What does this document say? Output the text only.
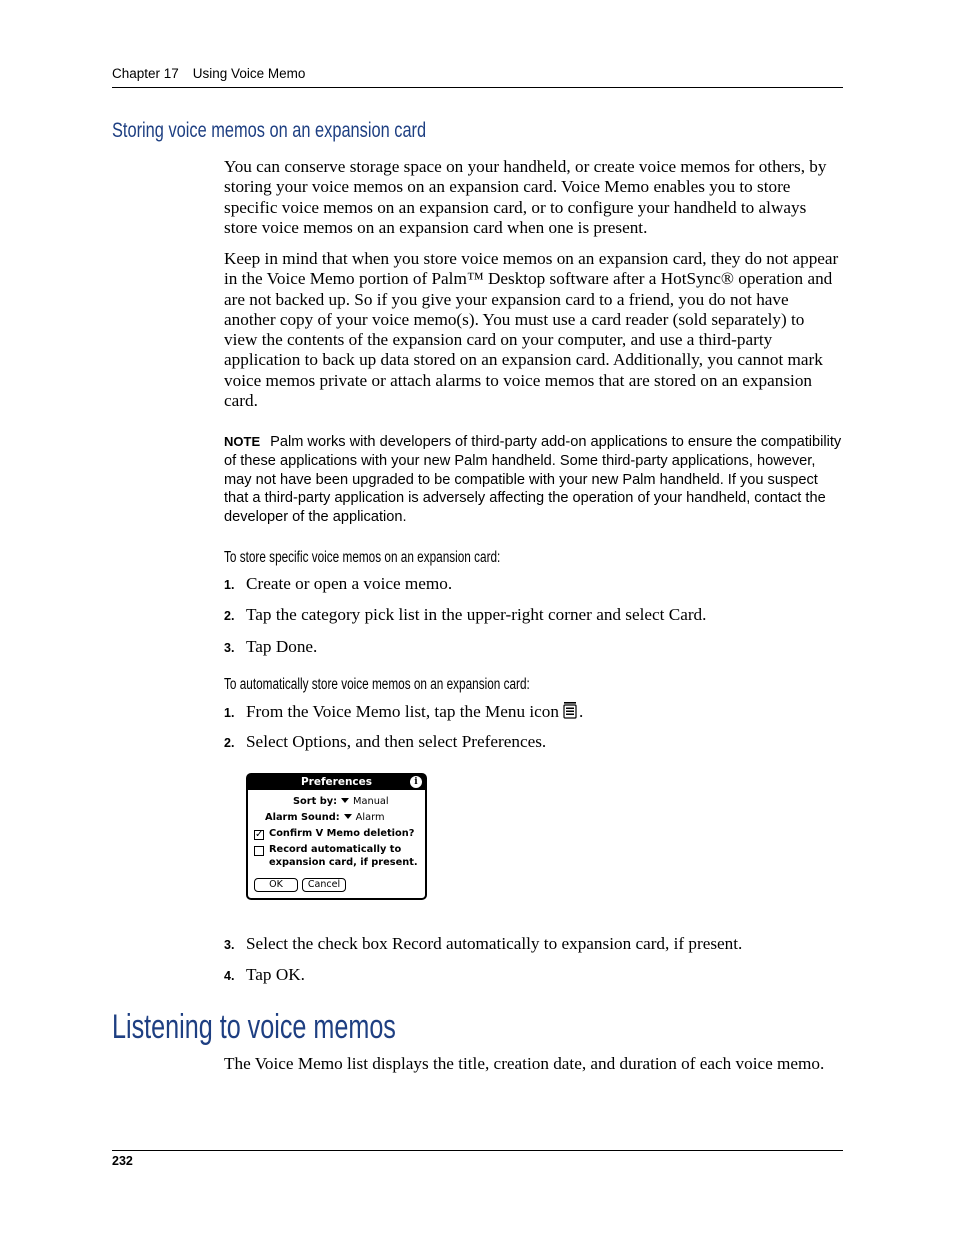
Chapter 17 Using Voice Memo
Storing voice memos on an expansion card
You can conserve storage space on your handheld, or create voice memos for others, by storing your voice memos on an expansion card. Voice Memo enables you to store specific voice memos on an expansion card, or to configure your handheld to always store voice memos on an expansion card when one is present.
Keep in mind that when you store voice memos on an expansion card, they do not appear in the Voice Memo portion of Palm™ Desktop software after a HotSync® operation and are not backed up. So if you give your expansion card to a friend, you do not have another copy of your voice memo(s). You must use a card reader (sold separately) to view the contents of the expansion card on your computer, and use a third-party application to back up data stored on an expansion card. Additionally, you cannot mark voice memos private or attach alarms to voice memos that are stored on an expansion card.
NOTE Palm works with developers of third-party add-on applications to ensure the compatibility of these applications with your new Palm handheld. Some third-party applications, however, may not have been upgraded to be compatible with your new Palm handheld. If you suspect that a third-party application is adversely affecting the operation of your handheld, contact the developer of the application.
To store specific voice memos on an expansion card:
1. Create or open a voice memo.
2. Tap the category pick list in the upper-right corner and select Card.
3. Tap Done.
To automatically store voice memos on an expansion card:
1. From the Voice Memo list, tap the Menu icon .
2. Select Options, and then select Preferences.
Preferences	i
Sort by: Manual
Alarm Sound: Alarm
✓ Confirm V Memo deletion?
Record automatically to
expansion card, if present.
OK	Cancel
3. Select the check box Record automatically to expansion card, if present.
4. Tap OK.
Listening to voice memos
The Voice Memo list displays the title, creation date, and duration of each voice memo.
232
